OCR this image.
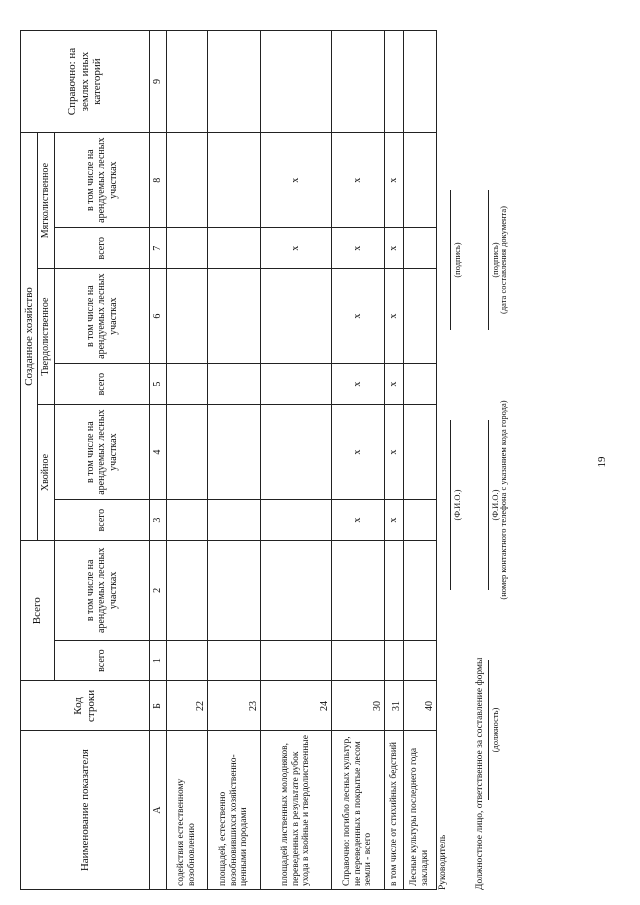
Наименование показателя	Код строки	Всего		Созданное хозяйство						Справочно: на землях иных категорий
				Хвойное		Твердолиственное		Мягколиственное		
		всего	в том числе на арендуемых лесных участках	всего	в том числе на арендуемых лесных участках	всего	в том числе на арендуемых лесных участках	всего	в том числе на арендуемых лесных участках	
А	Б	1	2	3	4	5	6	7	8	9
содействия естественному возобновлению	22									
площадей, естественно возобновившихся хозяйственно-ценными породами	23									
площадей лиственных молодняков, переведенных в результате рубок ухода в хвойные и твердолиственные	24							x	x	
Справочно: погибло лесных культур, не переведенных в покрытые лесом земли - всего	30			x	x	x	x	x	x	
в том числе от стихийных бедствий	31			x	x	x	x	x	x	
Лесные культуры последнего года закладки	40									
Руководитель
(Ф.И.О.)
(подпись)
Должностное лицо, ответственное за составление формы
(Ф.И.О.)
(подпись)
(должность)
(номер контактного телефона с указанием кода города)
(дата составления документа)
19
